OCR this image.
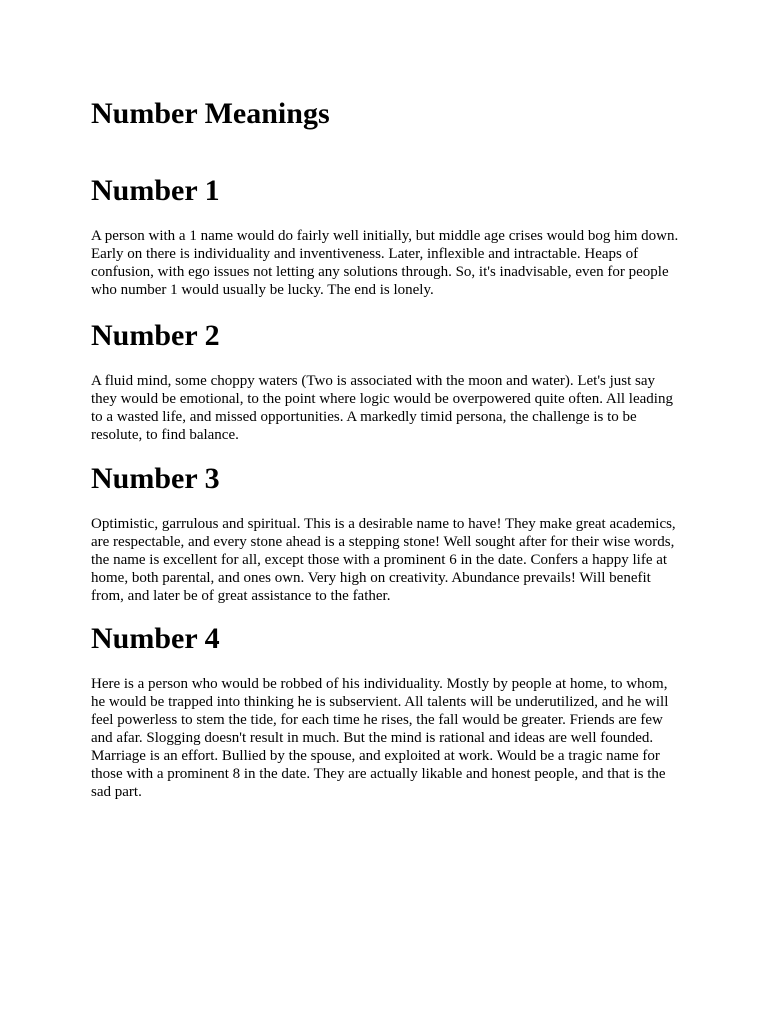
Number Meanings
Number 1

A person with a 1 name would do fairly well initially, but middle age crises would bog him down. Early on there is individuality and inventiveness. Later, inflexible and intractable. Heaps of confusion, with ego issues not letting any solutions through. So, it's inadvisable, even for people who number 1 would usually be lucky. The end is lonely.

Number 2

A fluid mind, some choppy waters (Two is associated with the moon and water). Let's just say they would be emotional, to the point where logic would be overpowered quite often. All leading to a wasted life, and missed opportunities. A markedly timid persona, the challenge is to be resolute, to find balance.

Number 3

Optimistic, garrulous and spiritual. This is a desirable name to have! They make great academics, are respectable, and every stone ahead is a stepping stone! Well sought after for their wise words, the name is excellent for all, except those with a prominent 6 in the date. Confers a happy life at home, both parental, and ones own. Very high on creativity. Abundance prevails! Will benefit from, and later be of great assistance to the father.

Number 4

Here is a person who would be robbed of his individuality. Mostly by people at home, to whom, he would be trapped into thinking he is subservient. All talents will be underutilized, and he will feel powerless to stem the tide, for each time he rises, the fall would be greater. Friends are few and afar. Slogging doesn't result in much. But the mind is rational and ideas are well founded. Marriage is an effort. Bullied by the spouse, and exploited at work. Would be a tragic name for those with a prominent 8 in the date. They are actually likable and honest people, and that is the sad part.
